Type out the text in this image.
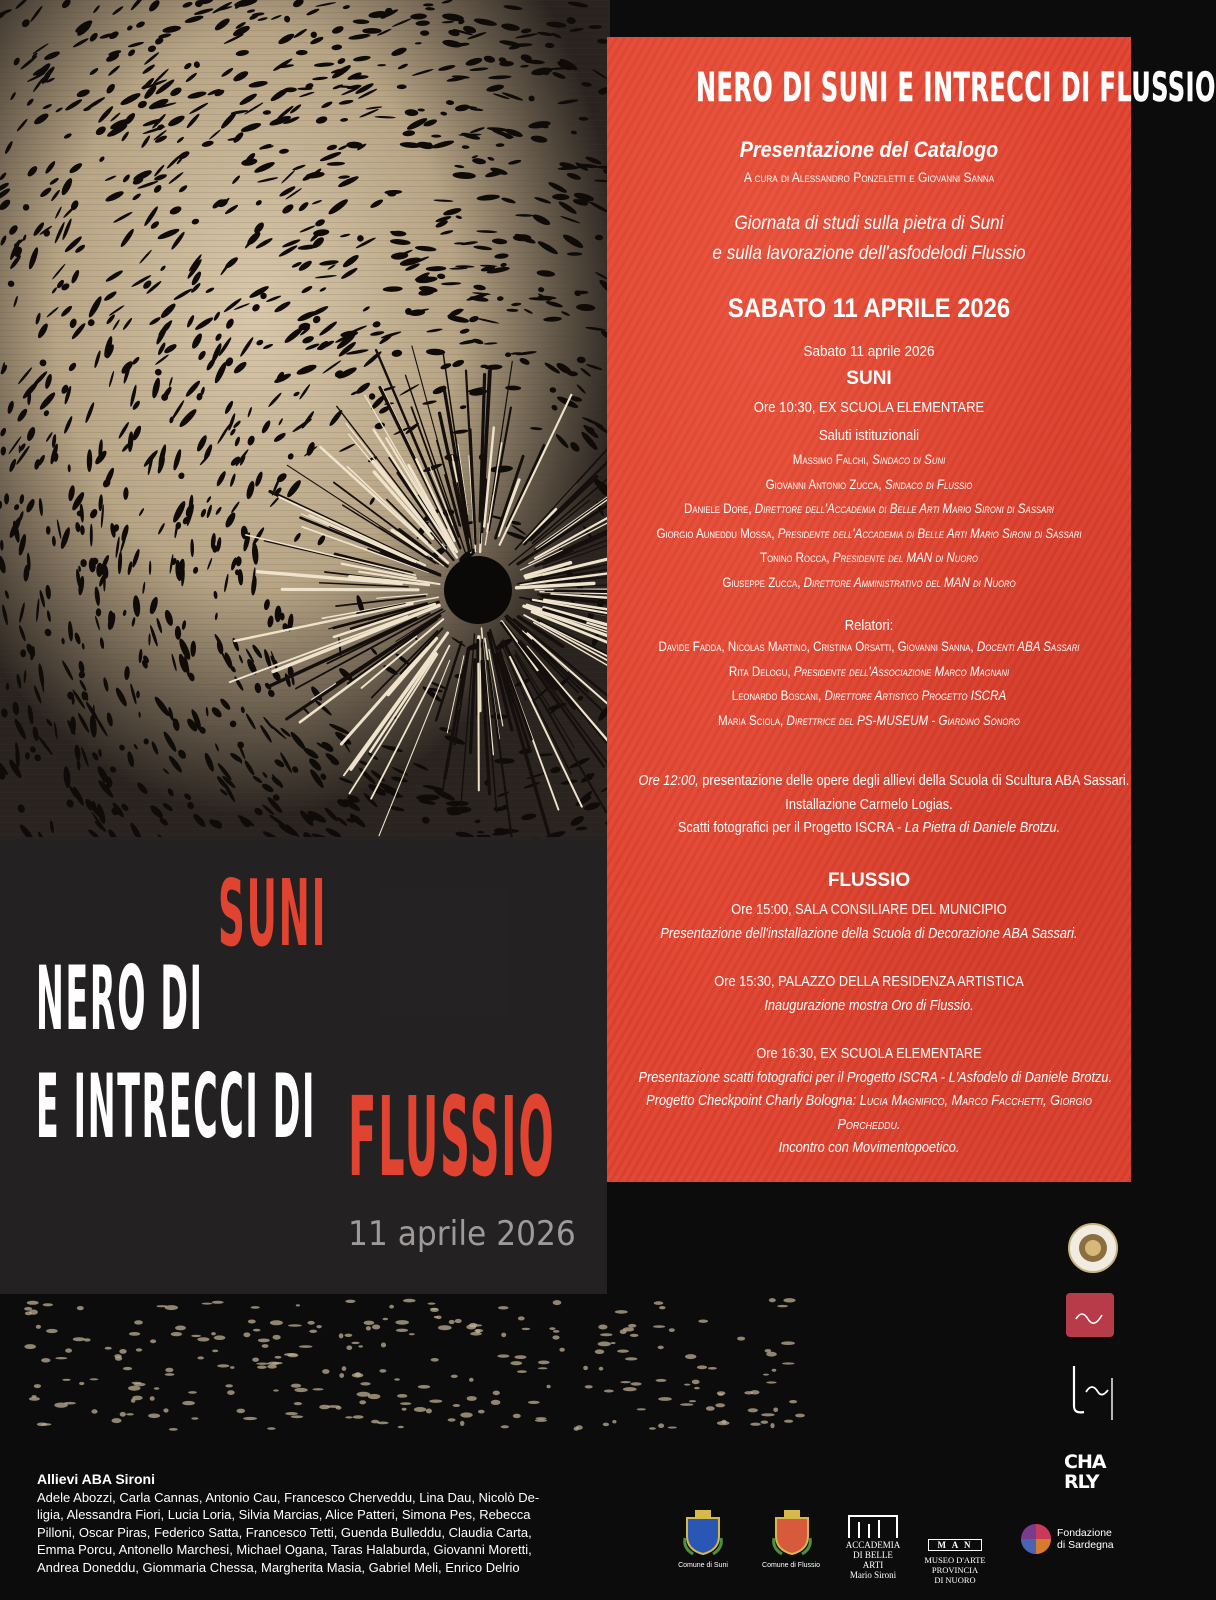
NERO DI SUNI E INTRECCI DI FLUSSIO
Presentazione del Catalogo
A cura di Alessandro Ponzeletti e Giovanni Sanna
Giornata di studi sulla pietra di Suni
e sulla lavorazione dell'asfodelodi Flussio
SABATO 11 APRILE 2026
Sabato 11 aprile 2026
SUNI
Ore 10:30, EX SCUOLA ELEMENTARE
Saluti istituzionali
Massimo Falchi, Sindaco di Suni
Giovanni Antonio Zucca, Sindaco di Flussio
Daniele Dore, Direttore dell'Accademia di Belle Arti Mario Sironi di Sassari
Giorgio Auneddu Mossa, Presidente dell'Accademia di Belle Arti Mario Sironi di Sassari
Tonino Rocca, Presidente del MAN di Nuoro
Giuseppe Zucca, Direttore Amministrativo del MAN di Nuoro
Relatori:
Davide Fadda, Nicolas Martino, Cristina Orsatti, Giovanni Sanna, Docenti ABA Sassari
Rita Delogu, Presidente dell'Associazione Marco Magnani
Leonardo Boscani, Direttore Artistico Progetto ISCRA
Maria Sciola, Direttrice del PS-MUSEUM - Giardino Sonoro
Ore 12:00, presentazione delle opere degli allievi della Scuola di Scultura ABA Sassari.
Installazione Carmelo Logias.
Scatti fotografici per il Progetto ISCRA - La Pietra di Daniele Brotzu.
FLUSSIO
Ore 15:00, SALA CONSILIARE DEL MUNICIPIO
Presentazione dell'installazione della Scuola di Decorazione ABA Sassari.
Ore 15:30, PALAZZO DELLA RESIDENZA ARTISTICA
Inaugurazione mostra Oro di Flussio.
Ore 16:30, EX SCUOLA ELEMENTARE
Presentazione scatti fotografici per il Progetto ISCRA - L'Asfodelo di Daniele Brotzu.
Progetto Checkpoint Charly Bologna: Lucia Magnifico, Marco Facchetti, Giorgio
Porcheddu.
Incontro con Movimentopoetico.
SUNI
NERO DI
E INTRECCI DI FLUSSIO
11 aprile 2026
Allievi ABA Sironi
Adele Abozzi, Carla Cannas, Antonio Cau, Francesco Cherveddu, Lina Dau, Nicolò De-
ligia, Alessandra Fiori, Lucia Loria, Silvia Marcias, Alice Patteri, Simona Pes, Rebecca
Pilloni, Oscar Piras, Federico Satta, Francesco Tetti, Guenda Bulleddu, Claudia Carta,
Emma Porcu, Antonello Marchesi, Michael Ogana, Taras Halaburda, Giovanni Moretti,
Andrea Doneddu, Giommaria Chessa, Margherita Masia, Gabriel Meli, Enrico Delrio
CHA
RLY
Comune di Suni	Comune di Flussio
ACCADEMIA
DI BELLE ARTI
Mario Sironi
M A N
MUSEO D'ARTE
PROVINCIA
DI NUORO
Fondazione
di Sardegna
